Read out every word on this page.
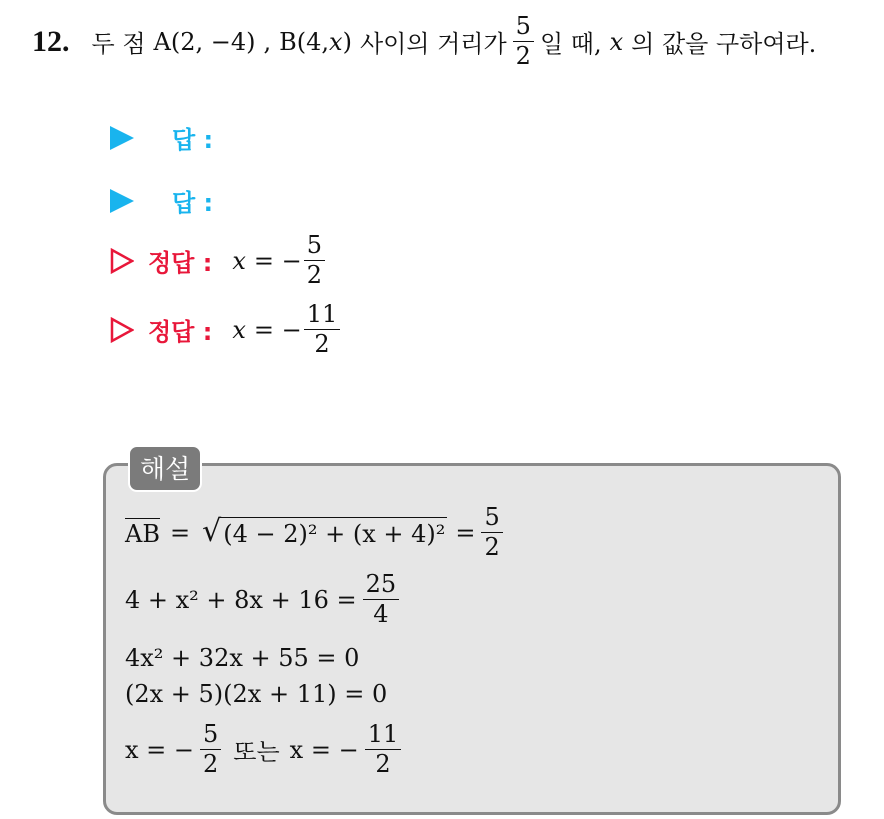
12. 두 점 A(2, −4) , B(4, x ) 사이의 거리가 $\frac{5}{2}$ 일 때, x 의 값을 구하여라.
답 :
답 :
정답 : x = − $\frac{5}{2}$
정답 : x = − $\frac{11}{2}$
해설
AB = √ $(4 - 2)^2 + (x + 4)^2 = \frac{5}{2}$
$4 + x^2 + 8x + 16 = \frac{25}{4}$
4x² + 32x + 55 = 0
(2x + 5)(2x + 11) = 0
x = − $\frac{5}{2}$ 또는 x = − $\frac{11}{2}$
